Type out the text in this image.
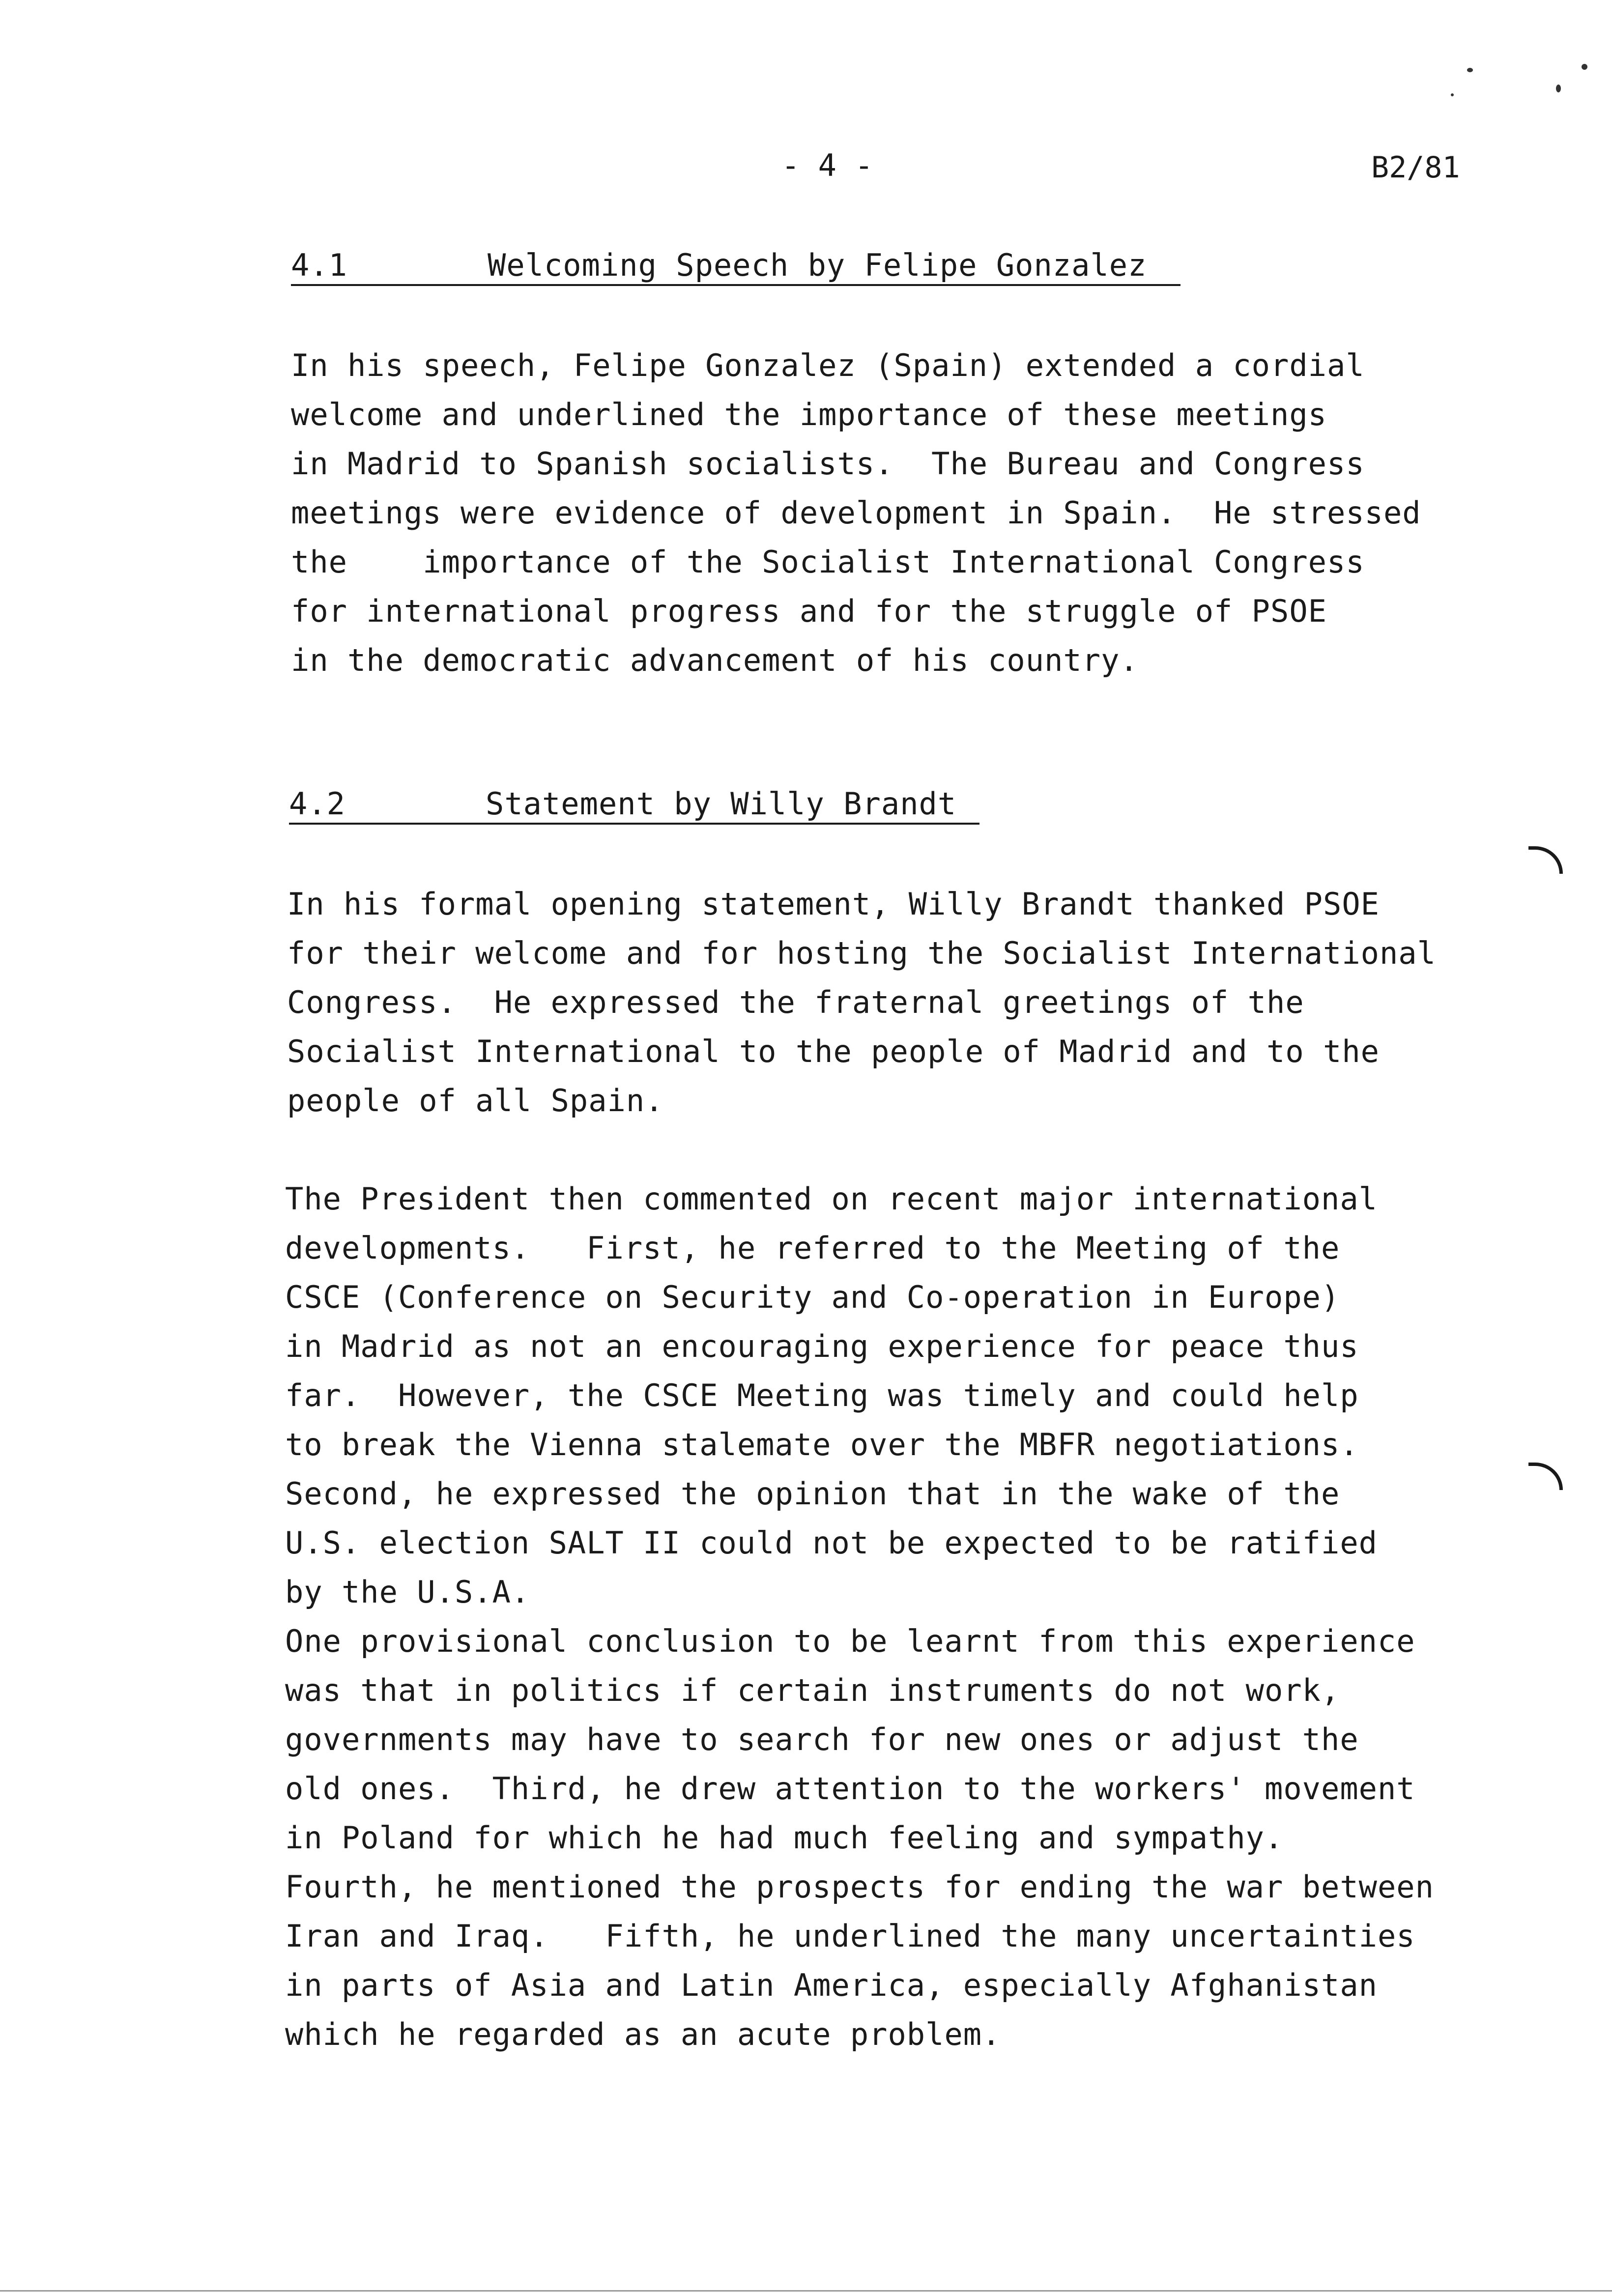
- 4 -	B2/81
4.1	Welcoming Speech by Felipe Gonzalez
In his speech, Felipe Gonzalez (Spain) extended a cordial
welcome and underlined the importance of these meetings
in Madrid to Spanish socialists.  The Bureau and Congress
meetings were evidence of development in Spain.  He stressed
the    importance of the Socialist International Congress
for international progress and for the struggle of PSOE
in the democratic advancement of his country.
4.2	Statement by Willy Brandt
In his formal opening statement, Willy Brandt thanked PSOE
for their welcome and for hosting the Socialist International
Congress.  He expressed the fraternal greetings of the
Socialist International to the people of Madrid and to the
people of all Spain.
The President then commented on recent major international
developments.   First, he referred to the Meeting of the
CSCE (Conference on Security and Co-operation in Europe)
in Madrid as not an encouraging experience for peace thus
far.  However, the CSCE Meeting was timely and could help
to break the Vienna stalemate over the MBFR negotiations.
Second, he expressed the opinion that in the wake of the
U.S. election SALT II could not be expected to be ratified
by the U.S.A.
One provisional conclusion to be learnt from this experience
was that in politics if certain instruments do not work,
governments may have to search for new ones or adjust the
old ones.  Third, he drew attention to the workers' movement
in Poland for which he had much feeling and sympathy.
Fourth, he mentioned the prospects for ending the war between
Iran and Iraq.   Fifth, he underlined the many uncertainties
in parts of Asia and Latin America, especially Afghanistan
which he regarded as an acute problem.
